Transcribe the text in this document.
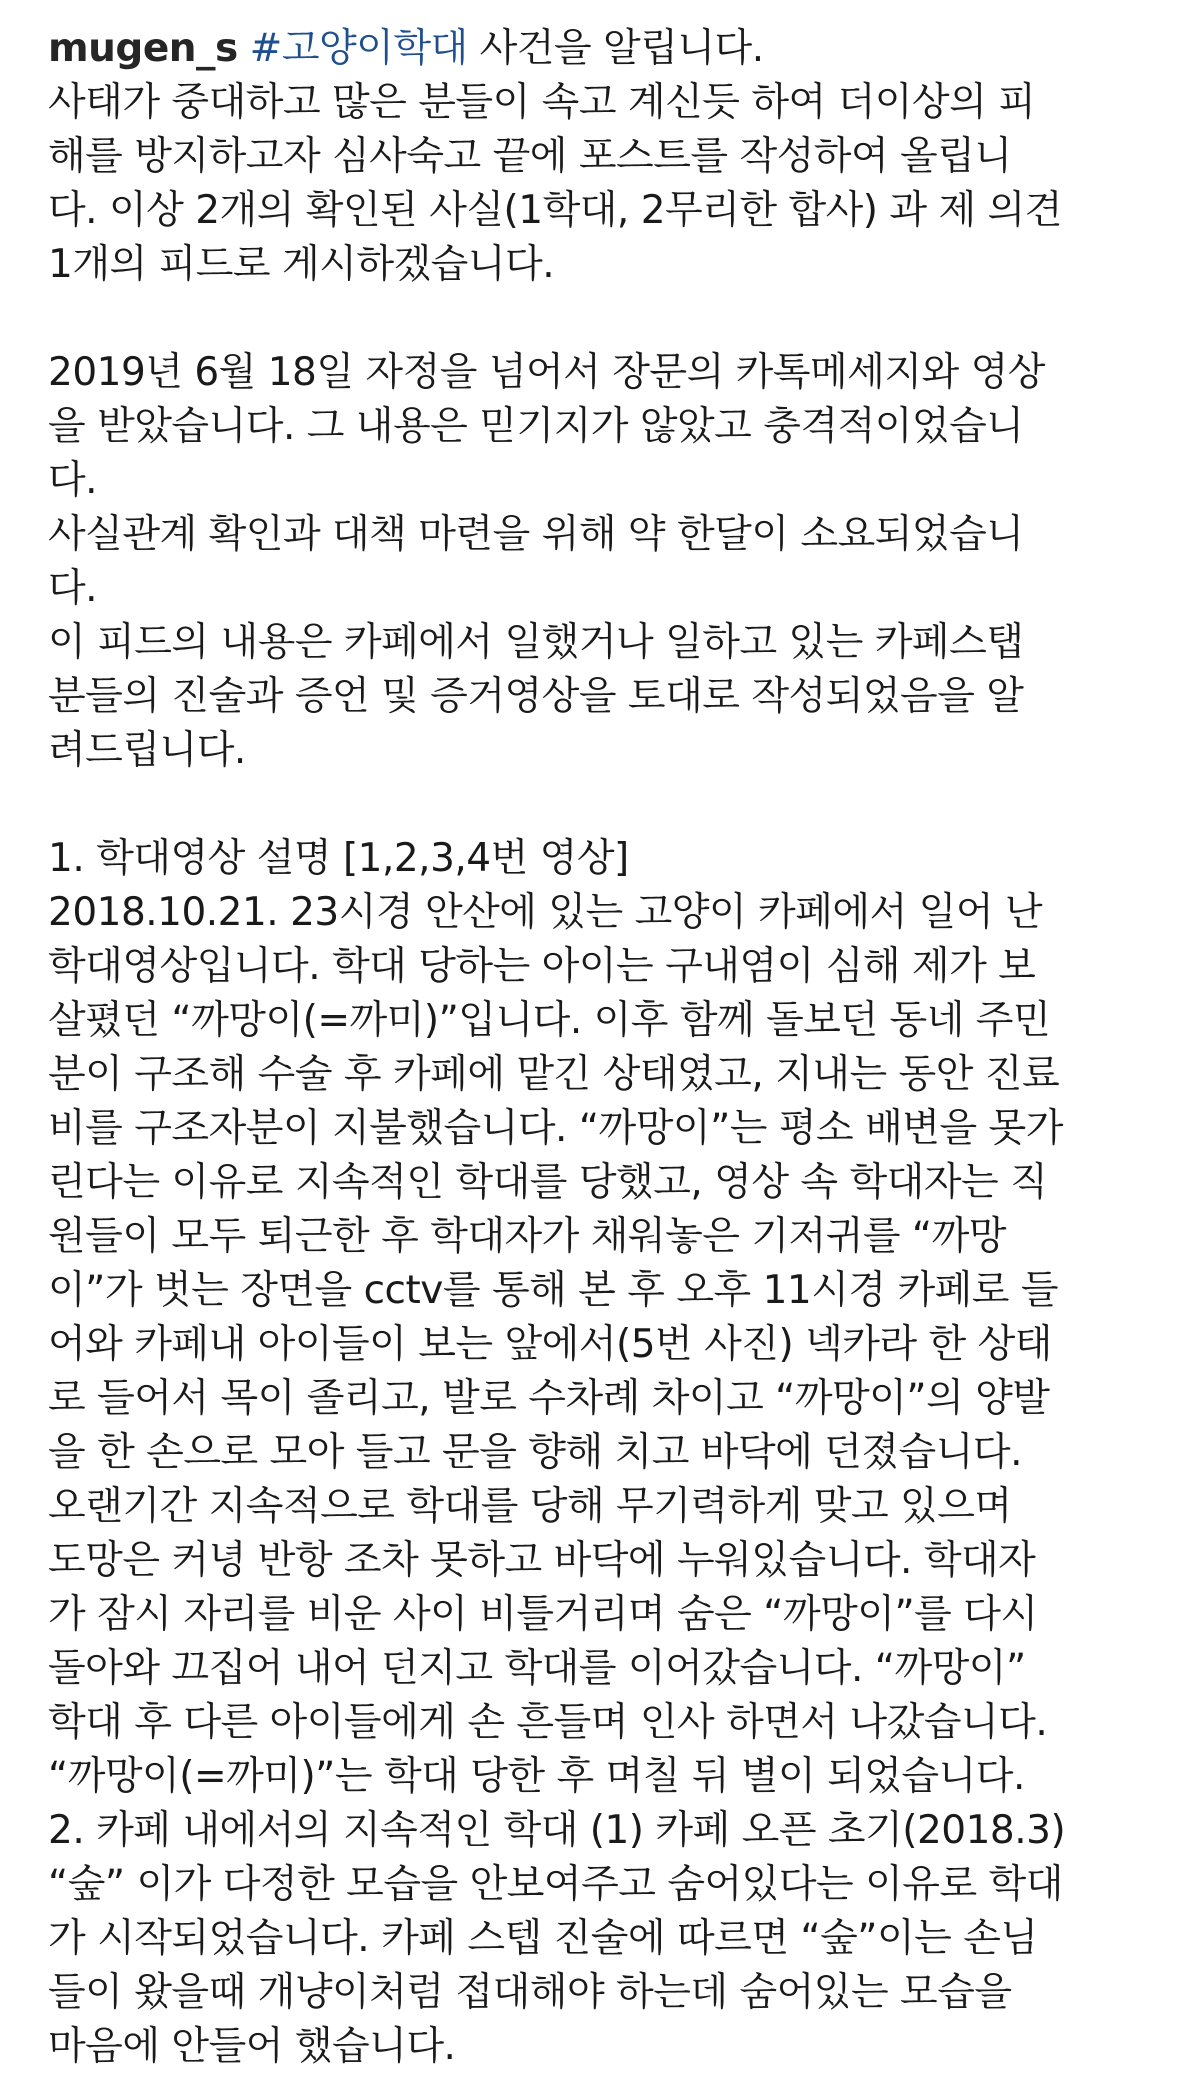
mugen_s #고양이학대 사건을 알립니다.
사태가 중대하고 많은 분들이 속고 계신듯 하여 더이상의 피
해를 방지하고자 심사숙고 끝에 포스트를 작성하여 올립니
다. 이상 2개의 확인된 사실(1학대, 2무리한 합사) 과 제 의견
1개의 피드로 게시하겠습니다.
2019년 6월 18일 자정을 넘어서 장문의 카톡메세지와 영상
을 받았습니다. 그 내용은 믿기지가 않았고 충격적이었습니
다.
사실관계 확인과 대책 마련을 위해 약 한달이 소요되었습니
다.
이 피드의 내용은 카페에서 일했거나 일하고 있는 카페스탭
분들의 진술과 증언 및 증거영상을 토대로 작성되었음을 알
려드립니다.
1. 학대영상 설명 [1,2,3,4번 영상]
2018.10.21. 23시경 안산에 있는 고양이 카페에서 일어 난
학대영상입니다. 학대 당하는 아이는 구내염이 심해 제가 보
살폈던 “까망이(=까미)”입니다. 이후 함께 돌보던 동네 주민
분이 구조해 수술 후 카페에 맡긴 상태였고, 지내는 동안 진료
비를 구조자분이 지불했습니다. “까망이”는 평소 배변을 못가
린다는 이유로 지속적인 학대를 당했고, 영상 속 학대자는 직
원들이 모두 퇴근한 후 학대자가 채워놓은 기저귀를 “까망
이”가 벗는 장면을 cctv를 통해 본 후 오후 11시경 카페로 들
어와 카페내 아이들이 보는 앞에서(5번 사진) 넥카라 한 상태
로 들어서 목이 졸리고, 발로 수차례 차이고 “까망이”의 양발
을 한 손으로 모아 들고 문을 향해 치고 바닥에 던졌습니다.
오랜기간 지속적으로 학대를 당해 무기력하게 맞고 있으며
도망은 커녕 반항 조차 못하고 바닥에 누워있습니다. 학대자
가 잠시 자리를 비운 사이 비틀거리며 숨은 “까망이”를 다시
돌아와 끄집어 내어 던지고 학대를 이어갔습니다. “까망이”
학대 후 다른 아이들에게 손 흔들며 인사 하면서 나갔습니다.
“까망이(=까미)”는 학대 당한 후 며칠 뒤 별이 되었습니다.
2. 카페 내에서의 지속적인 학대 (1) 카페 오픈 초기(2018.3)
“숲” 이가 다정한 모습을 안보여주고 숨어있다는 이유로 학대
가 시작되었습니다. 카페 스텝 진술에 따르면 “숲”이는 손님
들이 왔을때 개냥이처럼 접대해야 하는데 숨어있는 모습을
마음에 안들어 했습니다.
